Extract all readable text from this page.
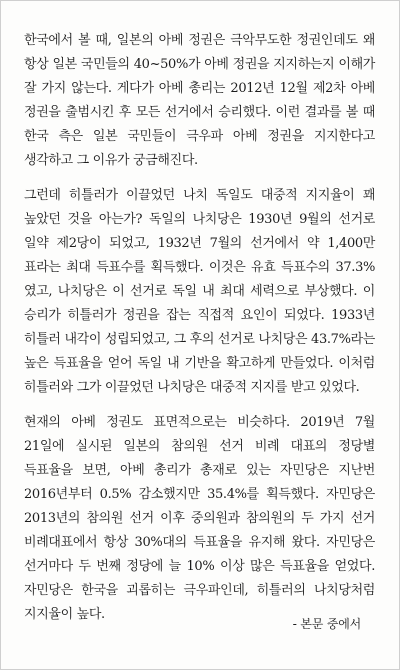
한국에서 볼 때, 일본의 아베 정권은 극악무도한 정권인데도 왜 항상 일본 국민들의 40~50%가 아베 정권을 지지하는지 이해가 잘 가지 않는다. 게다가 아베 총리는 2012년 12월 제2차 아베 정권을 출범시킨 후 모든 선거에서 승리했다. 이런 결과를 볼 때 한국 측은 일본 국민들이 극우파 아베 정권을 지지한다고 생각하고 그 이유가 궁금해진다.

그런데 히틀러가 이끌었던 나치 독일도 대중적 지지율이 꽤 높았던 것을 아는가? 독일의 나치당은 1930년 9월의 선거로 일약 제2당이 되었고, 1932년 7월의 선거에서 약 1,400만 표라는 최대 득표수를 획득했다. 이것은 유효 득표수의 37.3%였고, 나치당은 이 선거로 독일 내 최대 세력으로 부상했다. 이 승리가 히틀러가 정권을 잡는 직접적 요인이 되었다. 1933년 히틀러 내각이 성립되었고, 그 후의 선거로 나치당은 43.7%라는 높은 득표율을 얻어 독일 내 기반을 확고하게 만들었다. 이처럼 히틀러와 그가 이끌었던 나치당은 대중적 지지를 받고 있었다.

현재의 아베 정권도 표면적으로는 비슷하다. 2019년 7월 21일에 실시된 일본의 참의원 선거 비례 대표의 정당별 득표율을 보면, 아베 총리가 총재로 있는 자민당은 지난번 2016년부터 0.5% 감소했지만 35.4%를 획득했다. 자민당은 2013년의 참의원 선거 이후 중의원과 참의원의 두 가지 선거 비례대표에서 항상 30%대의 득표율을 유지해 왔다. 자민당은 선거마다 두 번째 정당에 늘 10% 이상 많은 득표율을 얻었다. 자민당은 한국을 괴롭히는 극우파인데, 히틀러의 나치당처럼 지지율이 높다.

- 본문 중에서
